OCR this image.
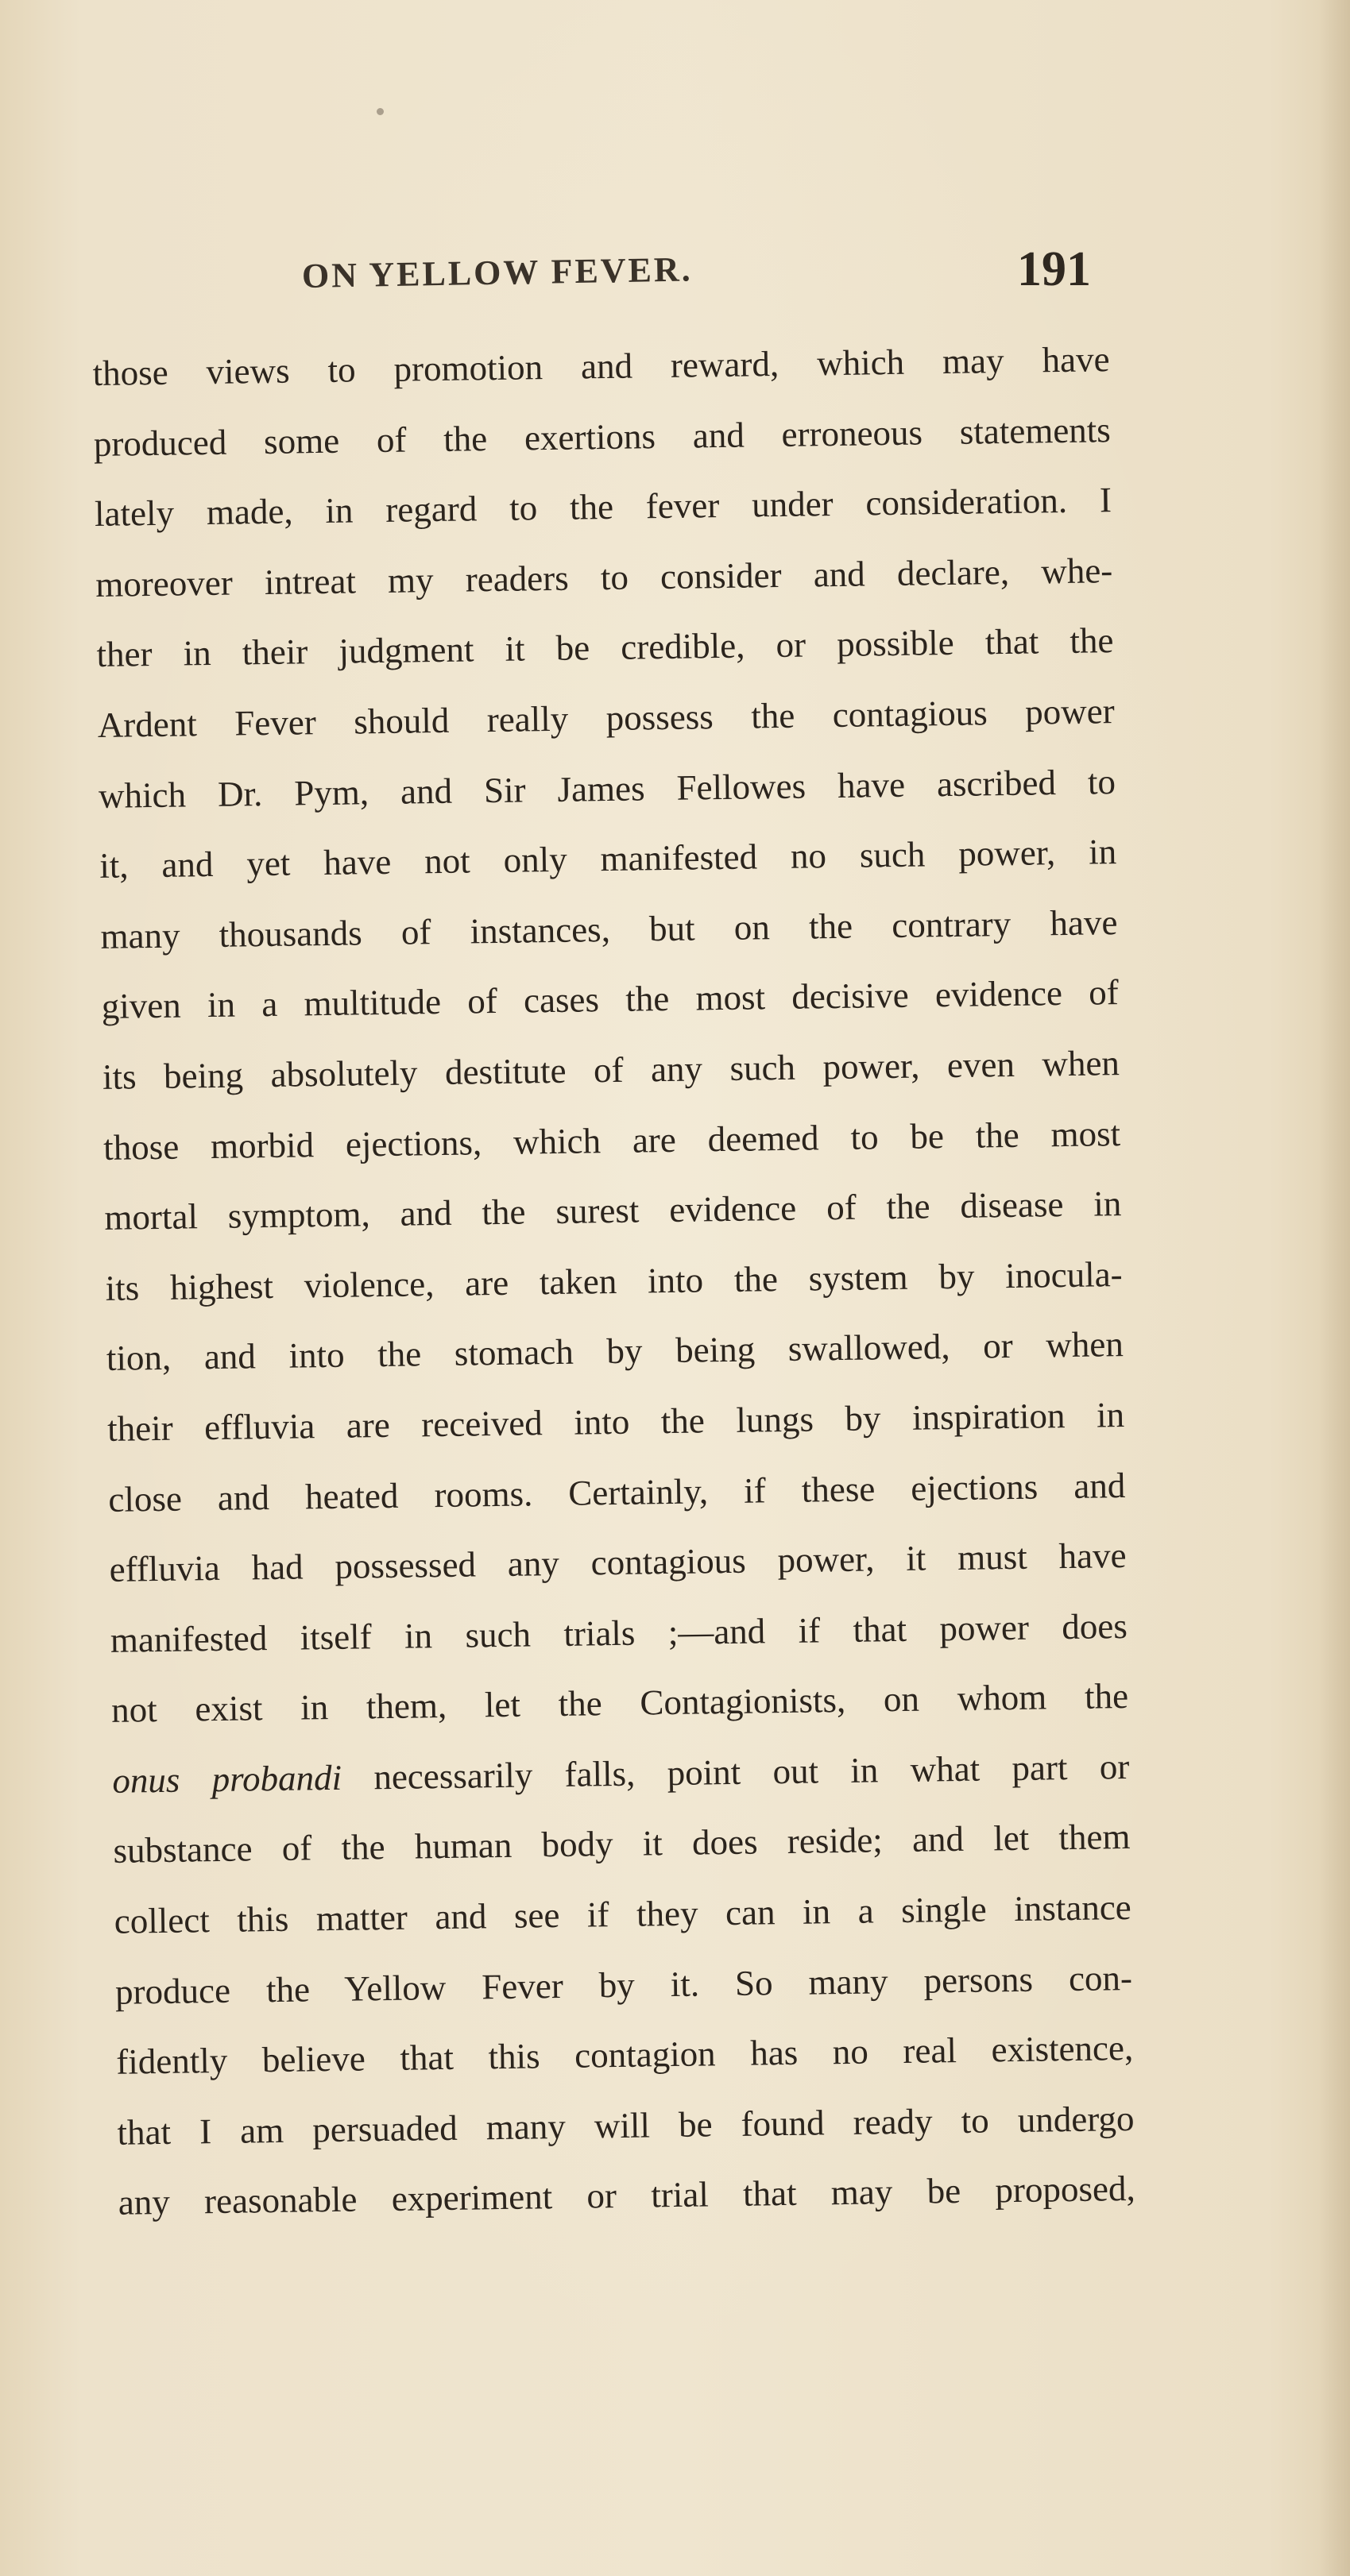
ON YELLOW FEVER.	191
those views to promotion and reward, which may have
produced some of the exertions and erroneous statements
lately made, in regard to the fever under consideration. I
moreover intreat my readers to consider and declare, whe-
ther in their judgment it be credible, or possible that the
Ardent Fever should really possess the contagious power
which Dr. Pym, and Sir James Fellowes have ascribed to
it, and yet have not only manifested no such power, in
many thousands of instances, but on the contrary have
given in a multitude of cases the most decisive evidence of
its being absolutely destitute of any such power, even when
those morbid ejections, which are deemed to be the most
mortal symptom, and the surest evidence of the disease in
its highest violence, are taken into the system by inocula-
tion, and into the stomach by being swallowed, or when
their effluvia are received into the lungs by inspiration in
close and heated rooms. Certainly, if these ejections and
effluvia had possessed any contagious power, it must have
manifested itself in such trials ;—and if that power does
not exist in them, let the Contagionists, on whom the
onus probandi necessarily falls, point out in what part or
substance of the human body it does reside; and let them
collect this matter and see if they can in a single instance
produce the Yellow Fever by it. So many persons con-
fidently believe that this contagion has no real existence,
that I am persuaded many will be found ready to undergo
any reasonable experiment or trial that may be proposed,
